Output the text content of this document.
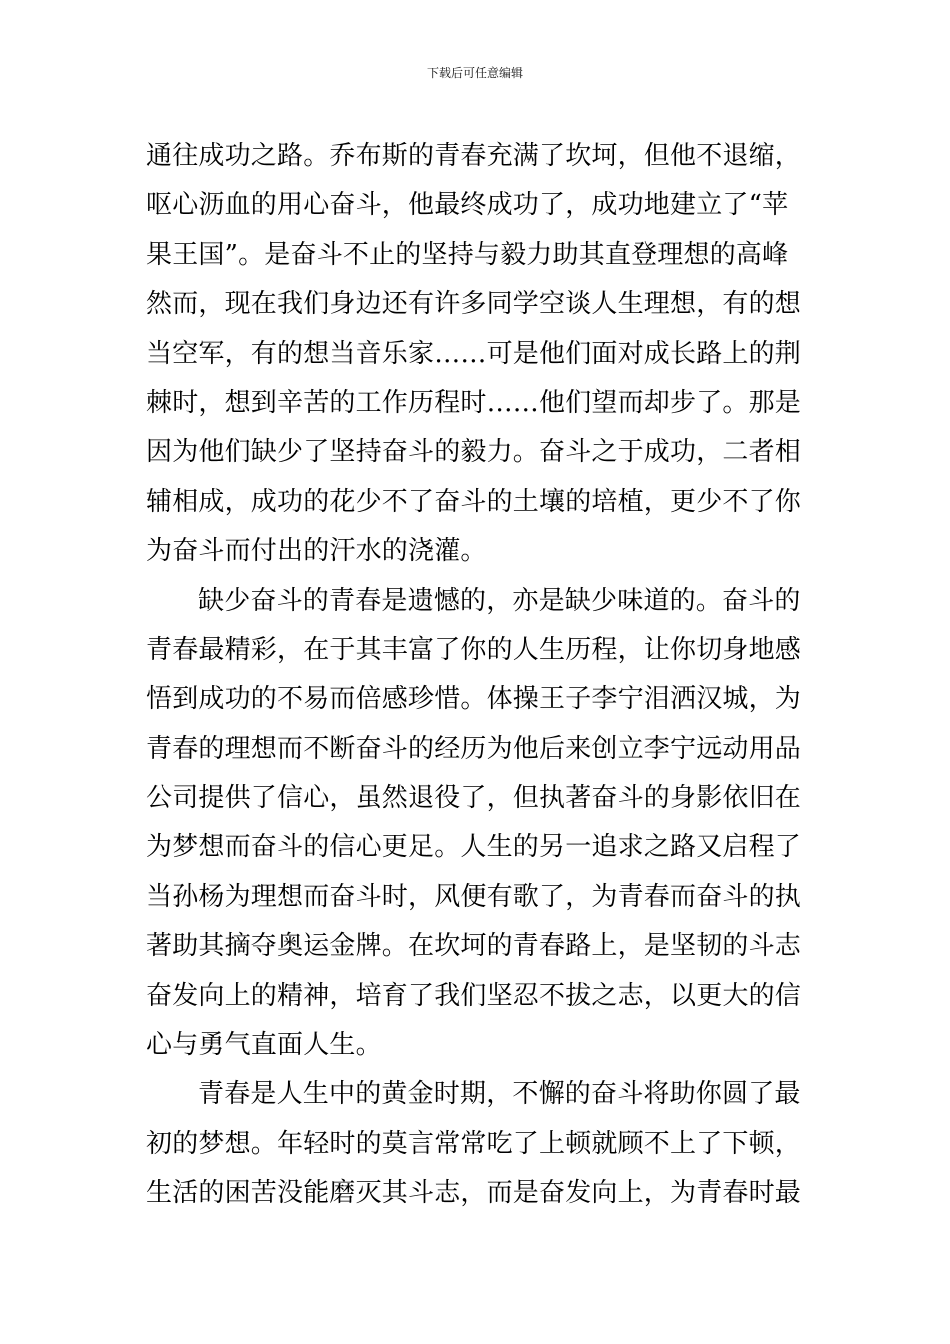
下载后可任意编辑
通往成功之路。乔布斯的青春充满了坎坷，但他不退缩，
呕心沥血的用心奋斗，他最终成功了，成功地建立了“苹
果王国”。是奋斗不止的坚持与毅力助其直登理想的高峰
然而，现在我们身边还有许多同学空谈人生理想，有的想
当空军，有的想当音乐家……可是他们面对成长路上的荆
棘时，想到辛苦的工作历程时……他们望而却步了。那是
因为他们缺少了坚持奋斗的毅力。奋斗之于成功，二者相
辅相成，成功的花少不了奋斗的土壤的培植，更少不了你
为奋斗而付出的汗水的浇灌。
缺少奋斗的青春是遗憾的，亦是缺少味道的。奋斗的
青春最精彩，在于其丰富了你的人生历程，让你切身地感
悟到成功的不易而倍感珍惜。体操王子李宁泪洒汉城，为
青春的理想而不断奋斗的经历为他后来创立李宁远动用品
公司提供了信心，虽然退役了，但执著奋斗的身影依旧在
为梦想而奋斗的信心更足。人生的另一追求之路又启程了
当孙杨为理想而奋斗时，风便有歌了，为青春而奋斗的执
著助其摘夺奥运金牌。在坎坷的青春路上，是坚韧的斗志
奋发向上的精神，培育了我们坚忍不拔之志，以更大的信
心与勇气直面人生。
青春是人生中的黄金时期，不懈的奋斗将助你圆了最
初的梦想。年轻时的莫言常常吃了上顿就顾不上了下顿，
生活的困苦没能磨灭其斗志，而是奋发向上，为青春时最
